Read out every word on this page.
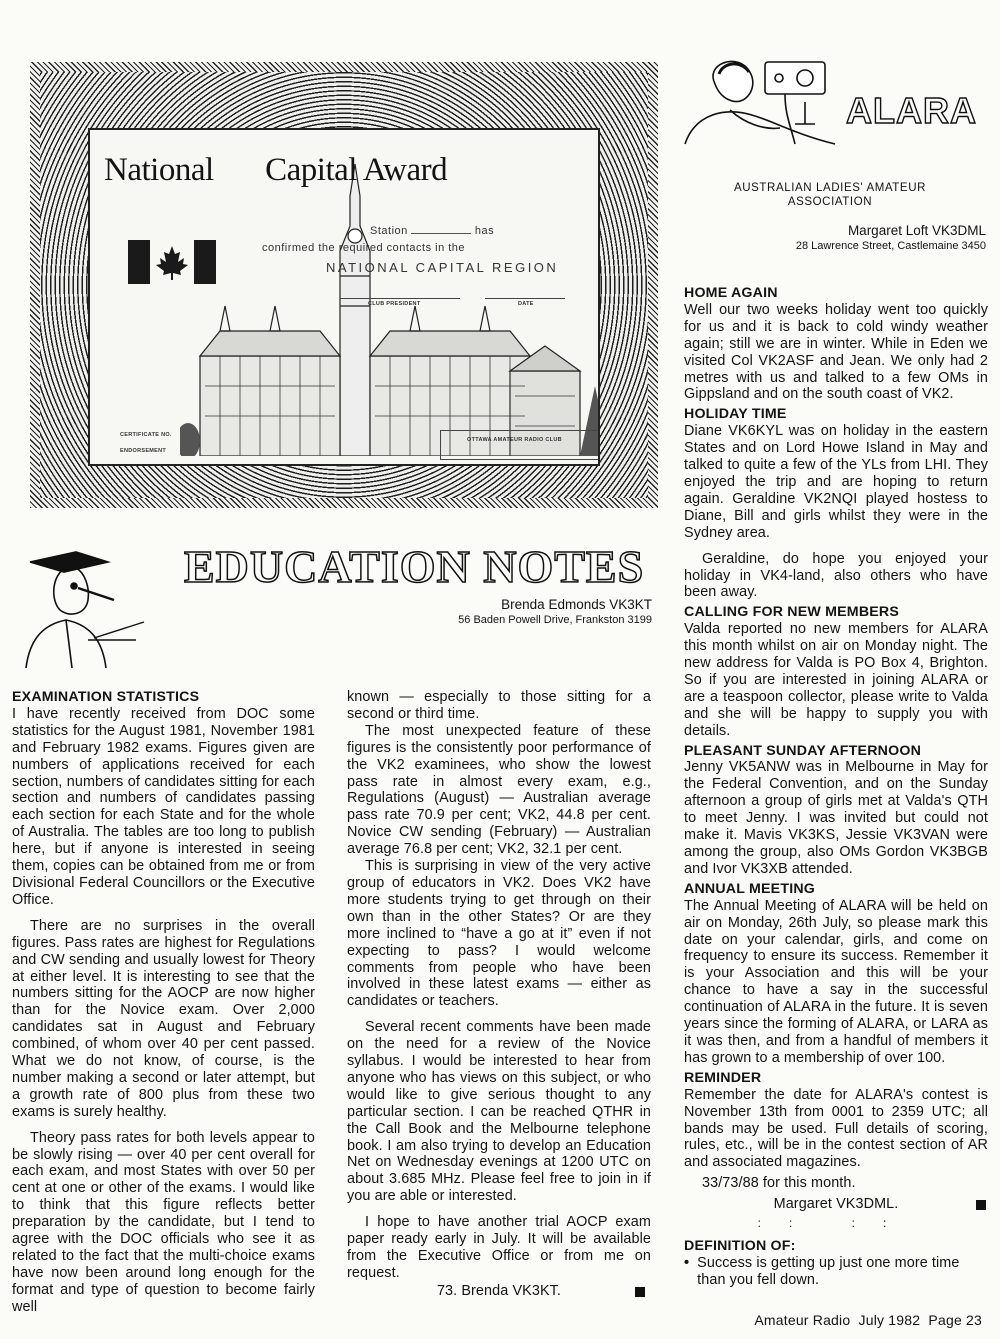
National Capital Award
Station	has
confirmed the required contacts in the
NATIONAL CAPITAL REGION
CLUB PRESIDENT	DATE
CERTIFICATE NO.
ENDORSEMENT
OTTAWA AMATEUR RADIO CLUB
ALARA
AUSTRALIAN LADIES' AMATEUR
ASSOCIATION
Margaret Loft VK3DML
28 Lawrence Street, Castlemaine 3450
EDUCATION NOTES
Brenda Edmonds VK3KT
56 Baden Powell Drive, Frankston 3199

EXAMINATION STATISTICS

I have recently received from DOC some statistics for the August 1981, November 1981 and February 1982 exams. Figures given are numbers of applications received for each section, numbers of candidates sitting for each section and numbers of candidates passing each section for each State and for the whole of Australia. The tables are too long to publish here, but if anyone is interested in seeing them, copies can be obtained from me or from Divisional Federal Councillors or the Executive Office.

There are no surprises in the overall figures. Pass rates are highest for Regulations and CW sending and usually lowest for Theory at either level. It is interesting to see that the numbers sitting for the AOCP are now higher than for the Novice exam. Over 2,000 candidates sat in August and February combined, of whom over 40 per cent passed. What we do not know, of course, is the number making a second or later attempt, but a growth rate of 800 plus from these two exams is surely healthy.

Theory pass rates for both levels appear to be slowly rising — over 40 per cent overall for each exam, and most States with over 50 per cent at one or other of the exams. I would like to think that this figure reflects better preparation by the candidate, but I tend to agree with the DOC officials who see it as related to the fact that the multi-choice exams have now been around long enough for the format and type of question to become fairly well

known — especially to those sitting for a second or third time.

The most unexpected feature of these figures is the consistently poor performance of the VK2 examinees, who show the lowest pass rate in almost every exam, e.g., Regulations (August) — Australian average pass rate 70.9 per cent; VK2, 44.8 per cent. Novice CW sending (February) — Australian average 76.8 per cent; VK2, 32.1 per cent.

This is surprising in view of the very active group of educators in VK2. Does VK2 have more students trying to get through on their own than in the other States? Or are they more inclined to “have a go at it” even if not expecting to pass? I would welcome comments from people who have been involved in these latest exams — either as candidates or teachers.

Several recent comments have been made on the need for a review of the Novice syllabus. I would be interested to hear from anyone who has views on this subject, or who would like to give serious thought to any particular section. I can be reached QTHR in the Call Book and the Melbourne telephone book. I am also trying to develop an Education Net on Wednesday evenings at 1200 UTC on about 3.685 MHz. Please feel free to join in if you are able or interested.

I hope to have another trial AOCP exam paper ready early in July. It will be available from the Executive Office or from me on request.

73. Brenda VK3KT.

HOME AGAIN

Well our two weeks holiday went too quickly for us and it is back to cold windy weather again; still we are in winter. While in Eden we visited Col VK2ASF and Jean. We only had 2 metres with us and talked to a few OMs in Gippsland and on the south coast of VK2.

HOLIDAY TIME

Diane VK6KYL was on holiday in the eastern States and on Lord Howe Island in May and talked to quite a few of the YLs from LHI. They enjoyed the trip and are hoping to return again. Geraldine VK2NQI played hostess to Diane, Bill and girls whilst they were in the Sydney area.

Geraldine, do hope you enjoyed your holiday in VK4-land, also others who have been away.

CALLING FOR NEW MEMBERS

Valda reported no new members for ALARA this month whilst on air on Monday night. The new address for Valda is PO Box 4, Brighton. So if you are interested in joining ALARA or are a teaspoon collector, please write to Valda and she will be happy to supply you with details.

PLEASANT SUNDAY AFTERNOON

Jenny VK5ANW was in Melbourne in May for the Federal Convention, and on the Sunday afternoon a group of girls met at Valda's QTH to meet Jenny. I was invited but could not make it. Mavis VK3KS, Jessie VK3VAN were among the group, also OMs Gordon VK3BGB and Ivor VK3XB attended.

ANNUAL MEETING

The Annual Meeting of ALARA will be held on air on Monday, 26th July, so please mark this date on your calendar, girls, and come on frequency to ensure its success. Remember it is your Association and this will be your chance to have a say in the successful continuation of ALARA in the future. It is seven years since the forming of ALARA, or LARA as it was then, and from a handful of members it has grown to a membership of over 100.

REMINDER

Remember the date for ALARA's contest is November 13th from 0001 to 2359 UTC; all bands may be used. Full details of scoring, rules, etc., will be in the contest section of AR and associated magazines.

33/73/88 for this month.

Margaret VK3DML.
:: ::

DEFINITION OF:

• Success is getting up just one more time than you fell down.
Amateur Radio  July 1982  Page 23
